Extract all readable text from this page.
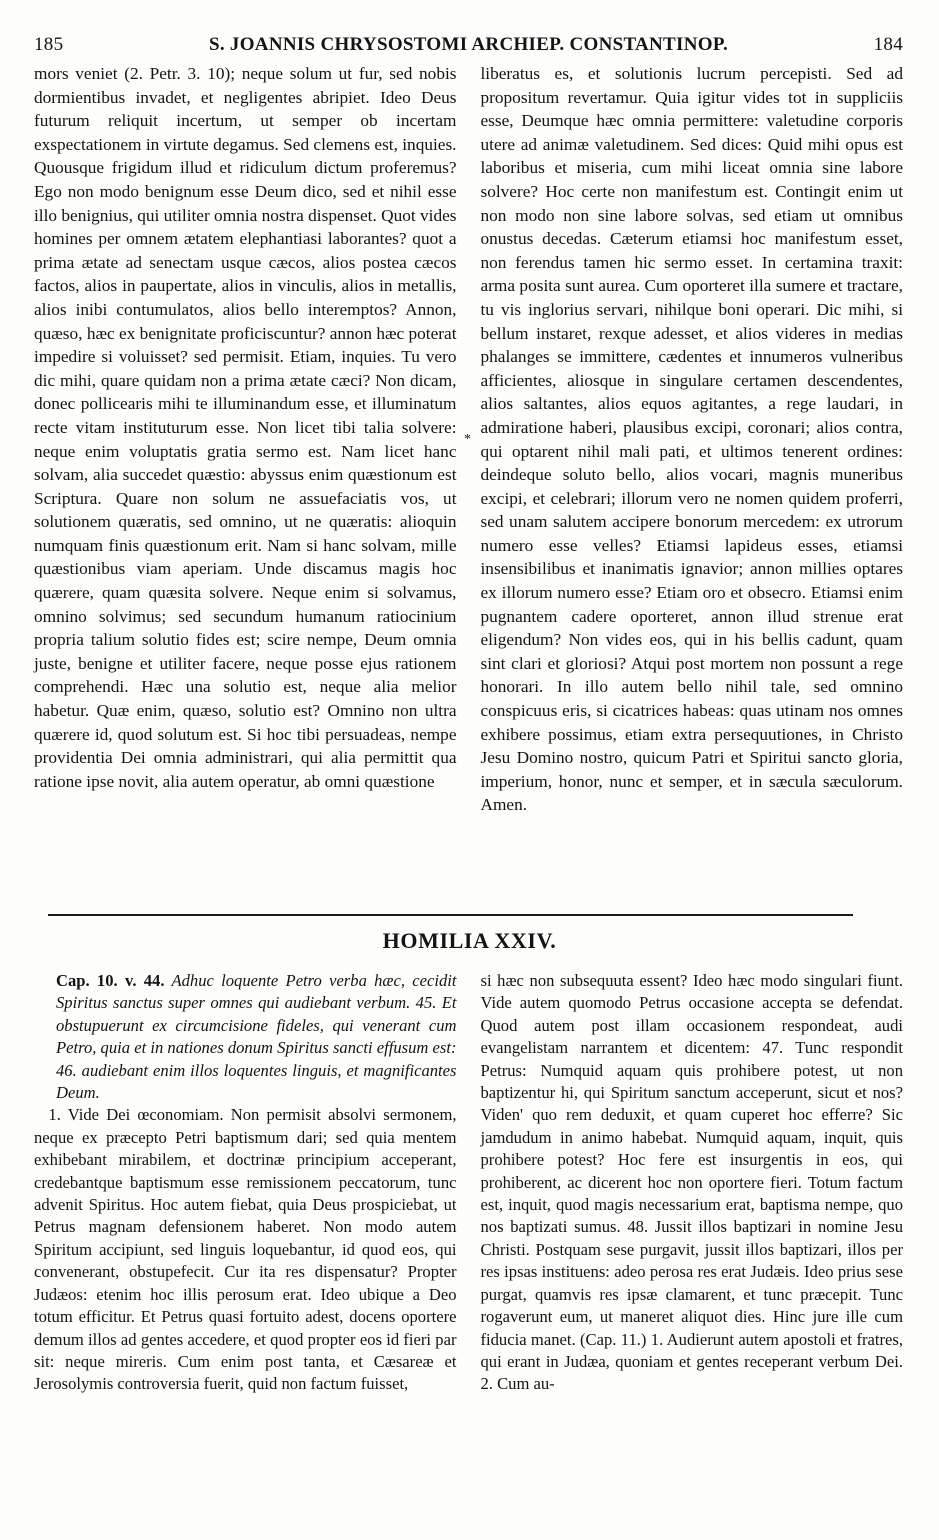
185	S. JOANNIS CHRYSOSTOMI ARCHIEP. CONSTANTINOP.	184

mors veniet (2. Petr. 3. 10); neque solum ut fur, sed nobis dormientibus invadet, et negligentes abripiet. Ideo Deus futurum reliquit incertum, ut semper ob incertam exspectationem in virtute degamus. Sed clemens est, inquies. Quousque frigidum illud et ridiculum dictum proferemus? Ego non modo benignum esse Deum dico, sed et nihil esse illo benignius, qui utiliter omnia nostra dispenset. Quot vides homines per omnem ætatem elephantiasi laborantes? quot a prima ætate ad senectam usque cæcos, alios postea cæcos factos, alios in paupertate, alios in vinculis, alios in metallis, alios inibi contumulatos, alios bello interemptos? Annon, quæso, hæc ex benignitate proficiscuntur? annon hæc poterat impedire si voluisset? sed permisit. Etiam, inquies. Tu vero dic mihi, quare quidam non a prima ætate cæci? Non dicam, donec pollicearis mihi te illuminandum esse, et illuminatum recte vitam instituturum esse. Non licet tibi talia solvere: neque enim voluptatis gratia sermo est. Nam licet hanc solvam, alia succedet quæstio: abyssus enim quæstionum est Scriptura. Quare non solum ne assuefaciatis vos, ut solutionem quæratis, sed omnino, ut ne quæratis: alioquin numquam finis quæstionum erit. Nam si hanc solvam, mille quæstionibus viam aperiam. Unde discamus magis hoc quærere, quam quæsita solvere. Neque enim si solvamus, omnino solvimus; sed secundum humanum ratiocinium propria talium solutio fides est; scire nempe, Deum omnia juste, benigne et utiliter facere, neque posse ejus rationem comprehendi. Hæc una solutio est, neque alia melior habetur. Quæ enim, quæso, solutio est? Omnino non ultra quærere id, quod solutum est. Si hoc tibi persuadeas, nempe providentia Dei omnia administrari, qui alia permittit qua ratione ipse novit, alia autem operatur, ab omni quæstione

liberatus es, et solutionis lucrum percepisti. Sed ad propositum revertamur. Quia igitur vides tot in suppliciis esse, Deumque hæc omnia permittere: valetudine corporis utere ad animæ valetudinem. Sed dices: Quid mihi opus est laboribus et miseria, cum mihi liceat omnia sine labore solvere? Hoc certe non manifestum est. Contingit enim ut non modo non sine labore solvas, sed etiam ut omnibus onustus decedas. Cæterum etiamsi hoc manifestum esset, non ferendus tamen hic sermo esset. In certamina traxit: arma posita sunt aurea. Cum oporteret illa sumere et tractare, tu vis inglorius servari, nihilque boni operari. Dic mihi, si bellum instaret, rexque adesset, et alios videres in medias phalanges se immittere, cædentes et innumeros vulneribus afficientes, aliosque in singulare certamen descendentes, alios saltantes, alios equos agitantes, a rege laudari, in admiratione haberi, plausibus excipi, coronari; alios contra, qui optarent nihil mali pati, et ultimos tenerent ordines: deindeque soluto bello, alios vocari, magnis muneribus excipi, et celebrari; illorum vero ne nomen quidem proferri, sed unam salutem accipere bonorum mercedem: ex utrorum numero esse velles? Etiamsi lapideus esses, etiamsi insensibilibus et inanimatis ignavior; annon millies optares ex illorum numero esse? Etiam oro et obsecro. Etiamsi enim pugnantem cadere oporteret, annon illud strenue erat eligendum? Non vides eos, qui in his bellis cadunt, quam sint clari et gloriosi? Atqui post mortem non possunt a rege honorari. In illo autem bello nihil tale, sed omnino conspicuus eris, si cicatrices habeas: quas utinam nos omnes exhibere possimus, etiam extra persequutiones, in Christo Jesu Domino nostro, quicum Patri et Spiritui sancto gloria, imperium, honor, nunc et semper, et in sæcula sæculorum. Amen.

*
HOMILIA XXIV.

Cap. 10. v. 44. Adhuc loquente Petro verba hæc, cecidit Spiritus sanctus super omnes qui audiebant verbum. 45. Et obstupuerunt ex circumcisione fideles, qui venerant cum Petro, quia et in nationes donum Spiritus sancti effusum est: 46. audiebant enim illos loquentes linguis, et magnificantes Deum.

1. Vide Dei œconomiam. Non permisit absolvi sermonem, neque ex præcepto Petri baptismum dari; sed quia mentem exhibebant mirabilem, et doctrinæ principium acceperant, credebantque baptismum esse remissionem peccatorum, tunc advenit Spiritus. Hoc autem fiebat, quia Deus prospiciebat, ut Petrus magnam defensionem haberet. Non modo autem Spiritum accipiunt, sed linguis loquebantur, id quod eos, qui convenerant, obstupefecit. Cur ita res dispensatur? Propter Judæos: etenim hoc illis perosum erat. Ideo ubique a Deo totum efficitur. Et Petrus quasi fortuito adest, docens oportere demum illos ad gentes accedere, et quod propter eos id fieri par sit: neque mireris. Cum enim post tanta, et Cæsareæ et Jerosolymis controversia fuerit, quid non factum fuisset,

si hæc non subsequuta essent? Ideo hæc modo singulari fiunt. Vide autem quomodo Petrus occasione accepta se defendat. Quod autem post illam occasionem respondeat, audi evangelistam narrantem et dicentem: 47. Tunc respondit Petrus: Numquid aquam quis prohibere potest, ut non baptizentur hi, qui Spiritum sanctum acceperunt, sicut et nos? Viden' quo rem deduxit, et quam cuperet hoc efferre? Sic jamdudum in animo habebat. Numquid aquam, inquit, quis prohibere potest? Hoc fere est insurgentis in eos, qui prohiberent, ac dicerent hoc non oportere fieri. Totum factum est, inquit, quod magis necessarium erat, baptisma nempe, quo nos baptizati sumus. 48. Jussit illos baptizari in nomine Jesu Christi. Postquam sese purgavit, jussit illos baptizari, illos per res ipsas instituens: adeo perosa res erat Judæis. Ideo prius sese purgat, quamvis res ipsæ clamarent, et tunc præcepit. Tunc rogaverunt eum, ut maneret aliquot dies. Hinc jure ille cum fiducia manet. (Cap. 11.) 1. Audierunt autem apostoli et fratres, qui erant in Judæa, quoniam et gentes receperant verbum Dei. 2. Cum au-
